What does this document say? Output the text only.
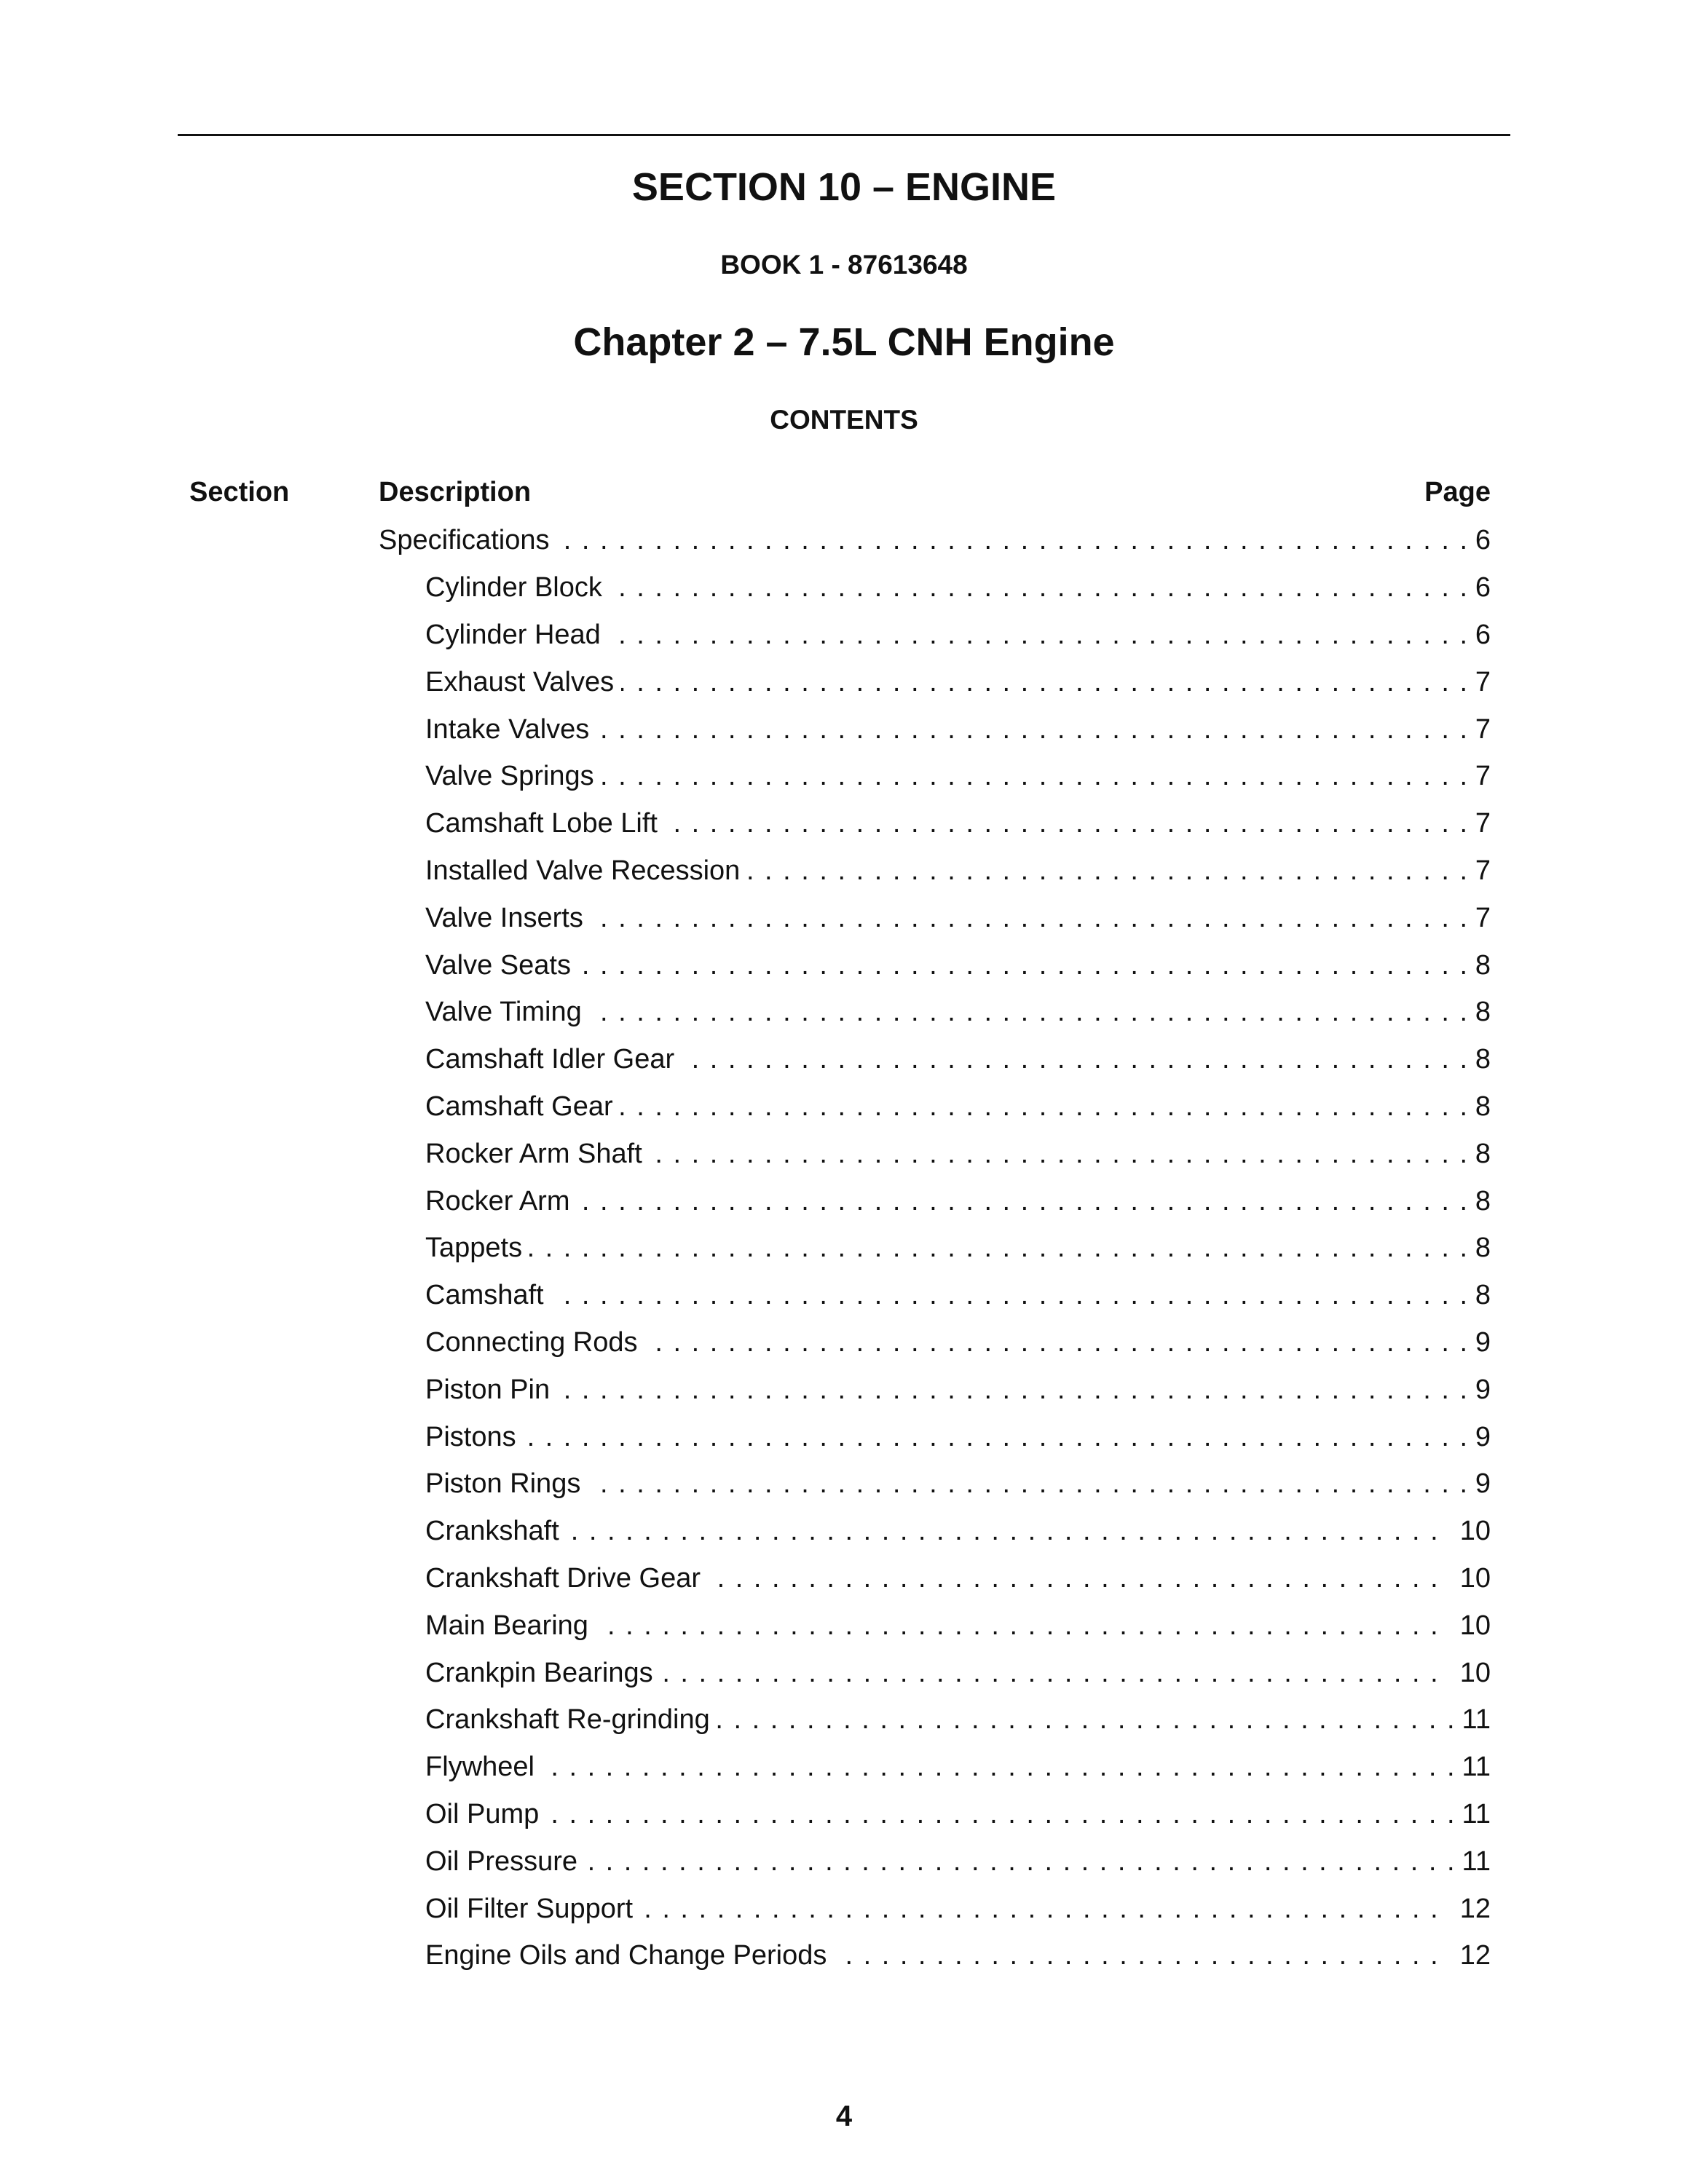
SECTION 10 – ENGINE
BOOK 1 - 87613648
Chapter 2 – 7.5L CNH Engine
CONTENTS
Section	Description	Page
Specifications . . .	6
Cylinder Block . . .	6
Cylinder Head . . .	6
Exhaust Valves . . .	7
Intake Valves . . .	7
Valve Springs . . .	7
Camshaft Lobe Lift . . .	7
Installed Valve Recession . . .	7
Valve Inserts . . .	7
Valve Seats . . .	8
Valve Timing . . .	8
Camshaft Idler Gear . . .	8
Camshaft Gear . . .	8
Rocker Arm Shaft . . .	8
Rocker Arm . . .	8
Tappets . . .	8
Camshaft . . .	8
Connecting Rods . . .	9
Piston Pin . . .	9
Pistons . . .	9
Piston Rings . . .	9
Crankshaft . . .	10
Crankshaft Drive Gear . . .	10
Main Bearing . . .	10
Crankpin Bearings . . .	10
Crankshaft Re-grinding . . .	11
Flywheel . . .	11
Oil Pump . . .	11
Oil Pressure . . .	11
Oil Filter Support . . .	12
Engine Oils and Change Periods . . .	12
4
